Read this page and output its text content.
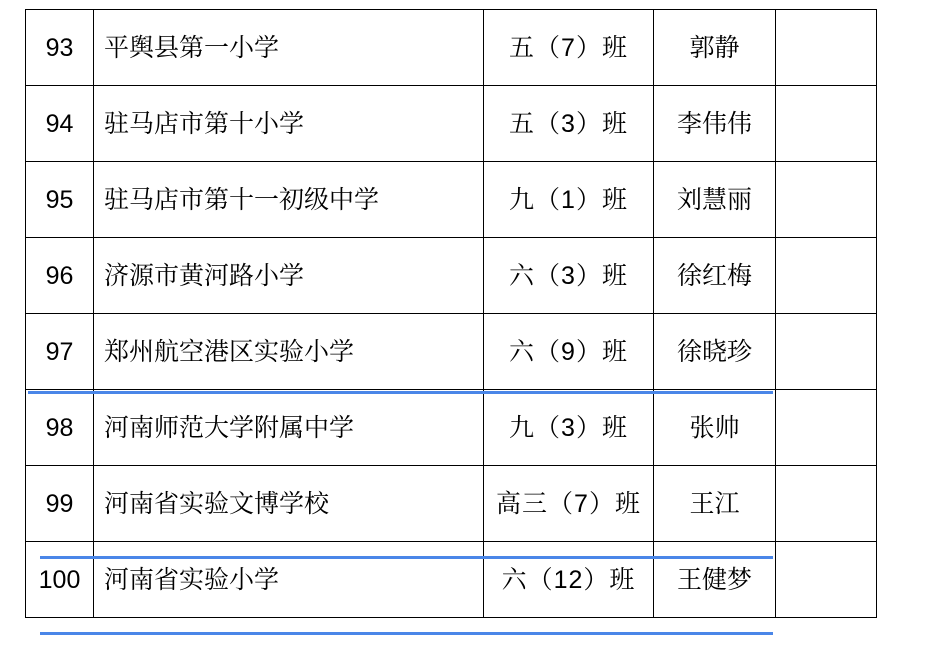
93	平舆县第一小学	五（7）班	郭静	
94	驻马店市第十小学	五（3）班	李伟伟	
95	驻马店市第十一初级中学	九（1）班	刘慧丽	
96	济源市黄河路小学	六（3）班	徐红梅	
97	郑州航空港区实验小学	六（9）班	徐晓珍	
98	河南师范大学附属中学	九（3）班	张帅	
99	河南省实验文博学校	高三（7）班	王江	
100	河南省实验小学	六（12）班	王健梦	
